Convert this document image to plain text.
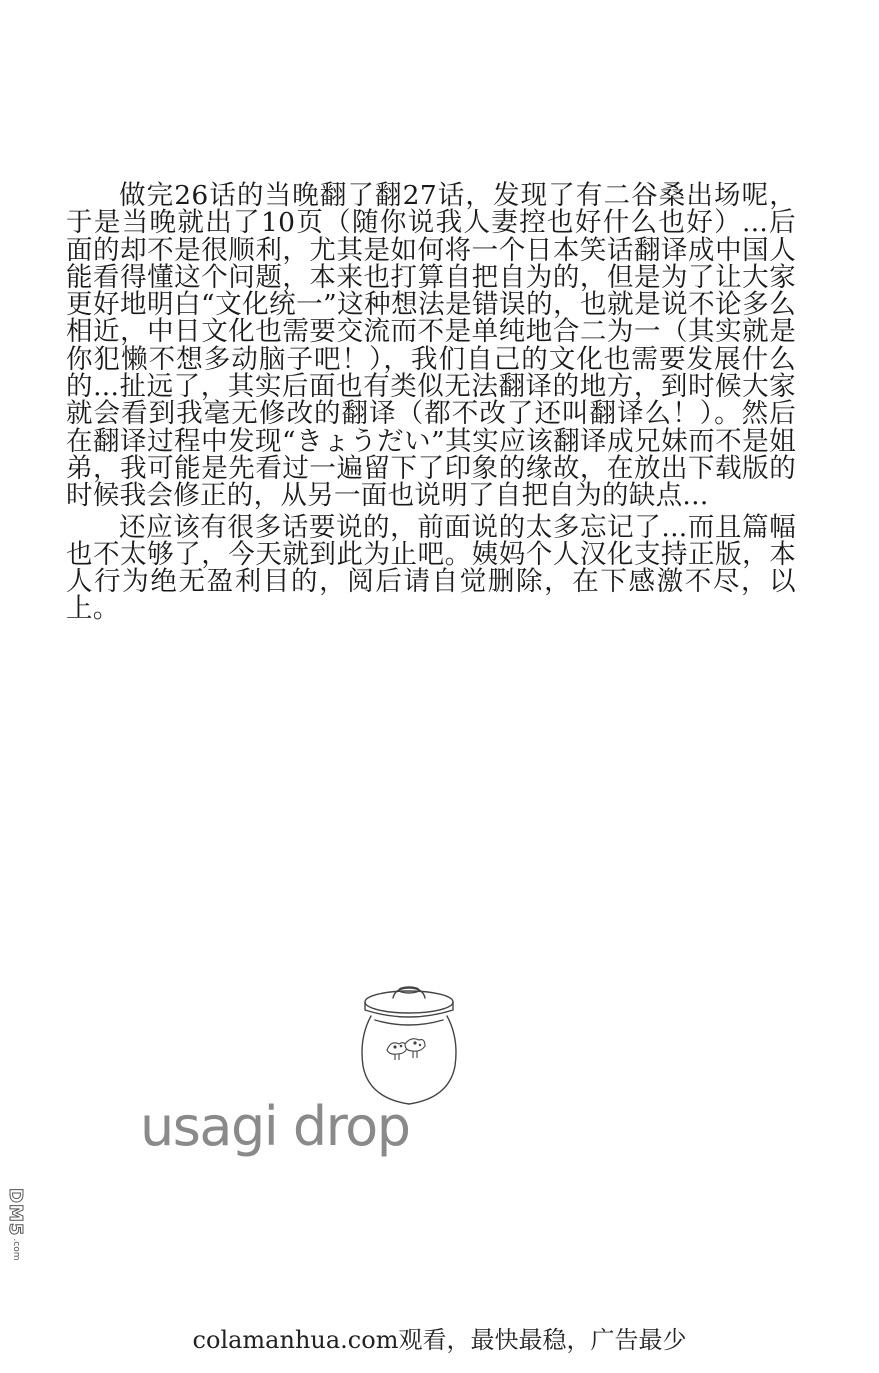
做完26话的当晚翻了翻27话，发现了有二谷桑出场呢，于是当晚就出了10页（随你说我人妻控也好什么也好）...后面的却不是很顺利，尤其是如何将一个日本笑话翻译成中国人能看得懂这个问题，本来也打算自把自为的，但是为了让大家更好地明白“文化统一”这种想法是错误的，也就是说不论多么相近，中日文化也需要交流而不是单纯地合二为一（其实就是你犯懒不想多动脑子吧！），我们自己的文化也需要发展什么的...扯远了，其实后面也有类似无法翻译的地方，到时候大家就会看到我毫无修改的翻译（都不改了还叫翻译么！）。然后在翻译过程中发现“きょうだい”其实应该翻译成兄妹而不是姐弟，我可能是先看过一遍留下了印象的缘故，在放出下载版的时候我会修正的，从另一面也说明了自把自为的缺点...

还应该有很多话要说的，前面说的太多忘记了...而且篇幅也不太够了，今天就到此为止吧。姨妈个人汉化支持正版，本人行为绝无盈利目的，阅后请自觉删除，在下感激不尽，以上。

usagi drop
DM5
.com
colamanhua.com观看，最快最稳，广告最少
